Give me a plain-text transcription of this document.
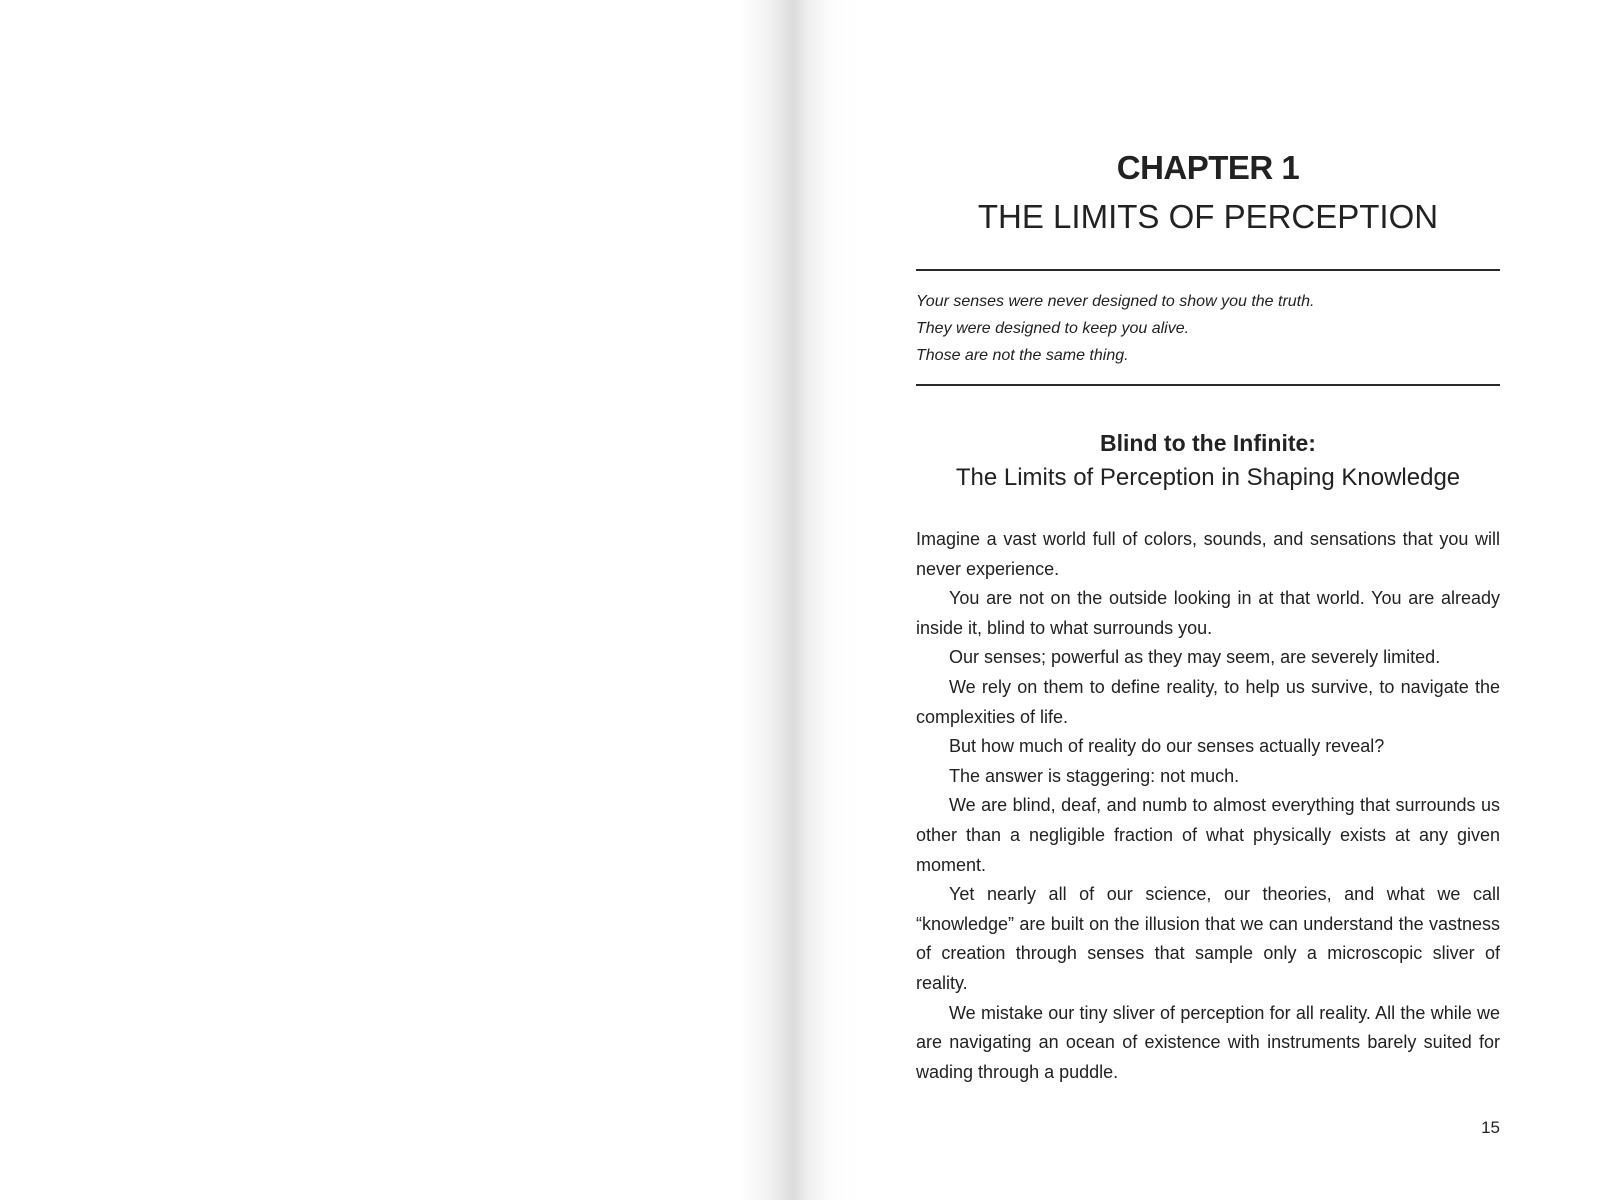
CHAPTER 1
THE LIMITS OF PERCEPTION
Your senses were never designed to show you the truth.
They were designed to keep you alive.
Those are not the same thing.
Blind to the Infinite:
The Limits of Perception in Shaping Knowledge

Imagine a vast world full of colors, sounds, and sensations that you will never experience.

You are not on the outside looking in at that world. You are already inside it, blind to what surrounds you.

Our senses; powerful as they may seem, are severely limited.

We rely on them to define reality, to help us survive, to navigate the complexities of life.

But how much of reality do our senses actually reveal?

The answer is staggering: not much.

We are blind, deaf, and numb to almost everything that surrounds us other than a negligible fraction of what physically exists at any given moment.

Yet nearly all of our science, our theories, and what we call “knowledge” are built on the illusion that we can understand the vastness of creation through senses that sample only a microscopic sliver of reality.

We mistake our tiny sliver of perception for all reality. All the while we are navigating an ocean of existence with instruments barely suited for wading through a puddle.

15
